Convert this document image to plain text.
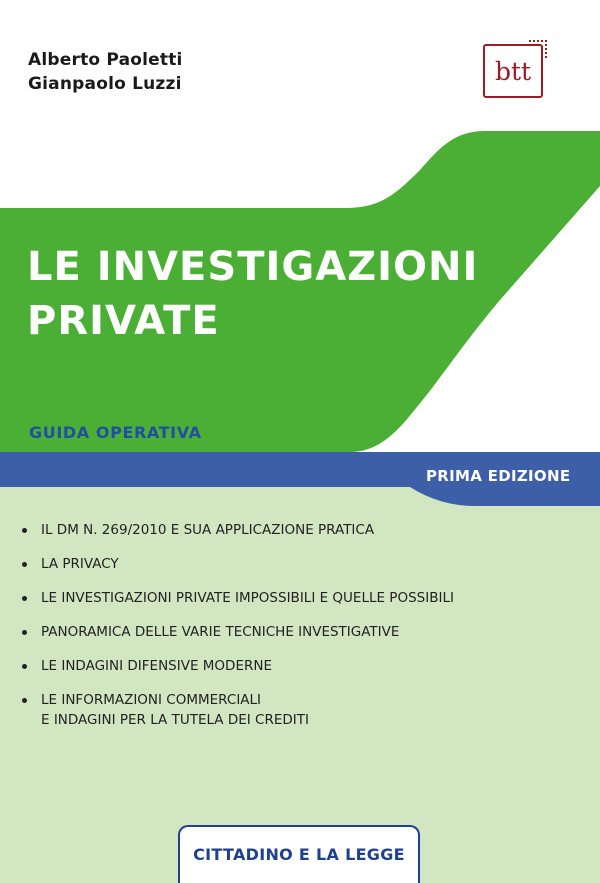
Alberto Paoletti
Gianpaolo Luzzi	btt
LE INVESTIGAZIONI
PRIVATE
GUIDA OPERATIVA
PRIMA EDIZIONE
IL DM N. 269/2010 E SUA APPLICAZIONE PRATICA
LA PRIVACY
LE INVESTIGAZIONI PRIVATE IMPOSSIBILI E QUELLE POSSIBILI
PANORAMICA DELLE VARIE TECNICHE INVESTIGATIVE
LE INDAGINI DIFENSIVE MODERNE
LE INFORMAZIONI COMMERCIALI
E INDAGINI PER LA TUTELA DEI CREDITI
CITTADINO E LA LEGGE
